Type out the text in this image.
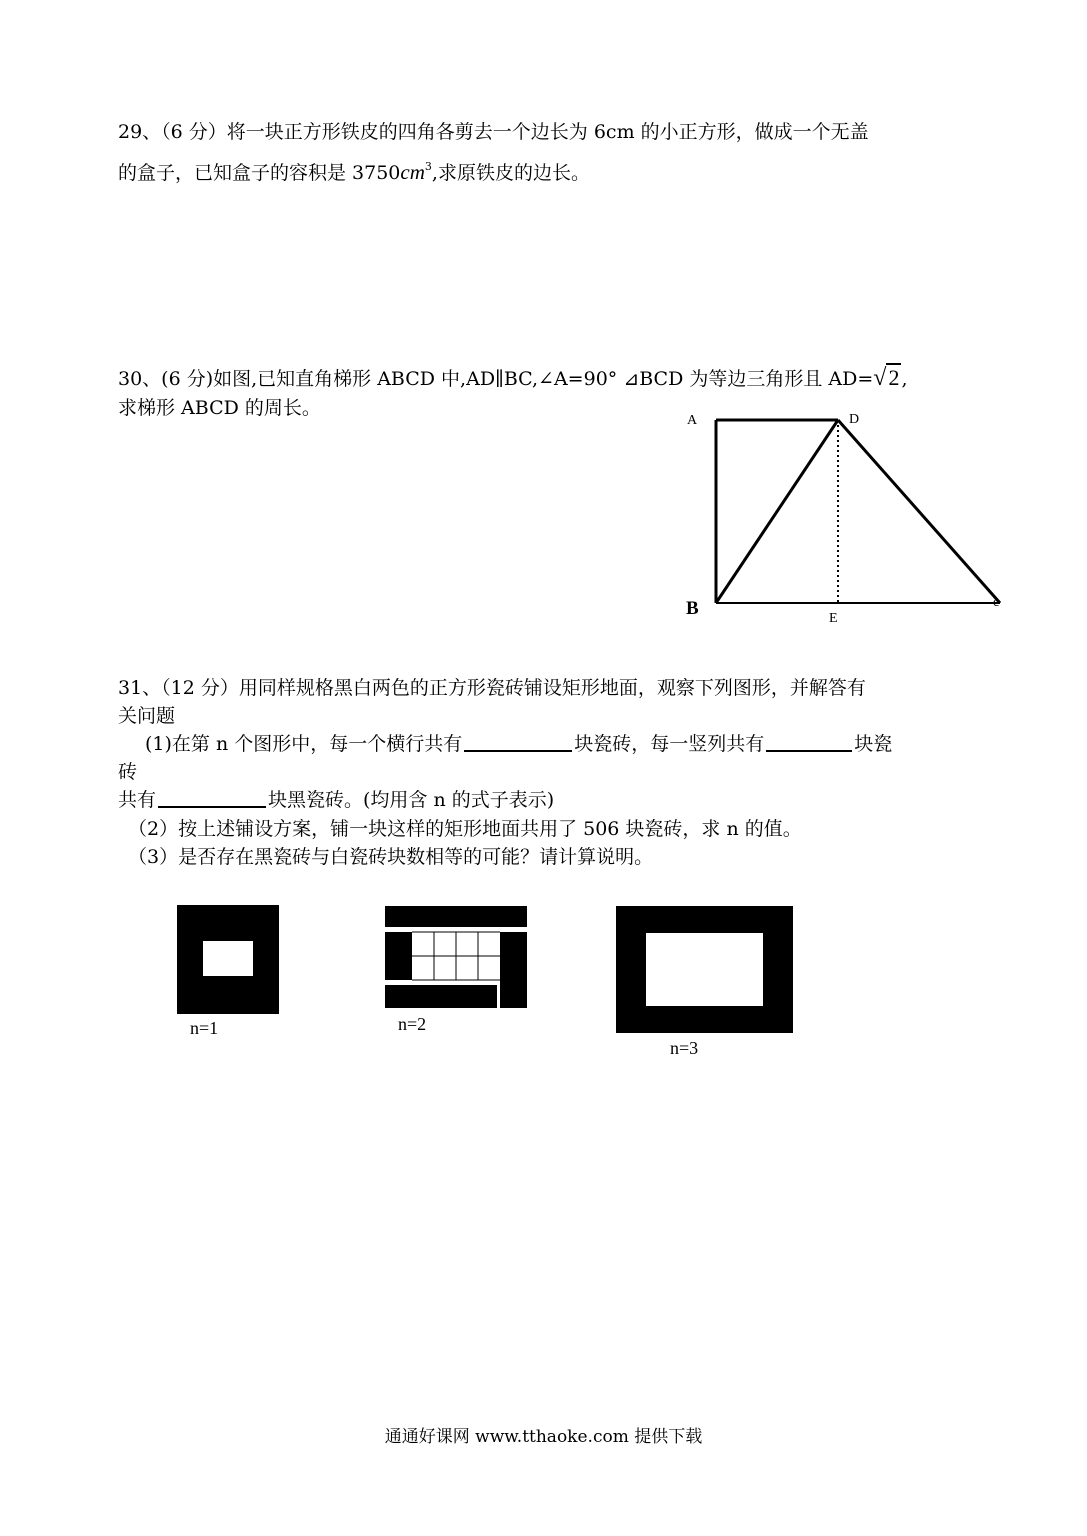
29、（6 分）将一块正方形铁皮的四角各剪去一个边长为 6cm 的小正方形，做成一个无盖
的盒子，已知盒子的容积是 $3750cm^3$,求原铁皮的边长。
30、(6 分)如图,已知直角梯形 ABCD 中,AD∥BC,∠A=90° ⊿BCD 为等边三角形且 AD=√2 ,
求梯形 ABCD 的周长。
A	D
B	E
c
31、（12 分）用同样规格黑白两色的正方形瓷砖铺设矩形地面，观察下列图形，并解答有
关问题
(1)在第 n 个图形中，每一个横行共有	块瓷砖，每一竖列共有	块瓷
砖
共有	块黑瓷砖。(均用含 n 的式子表示)
（2）按上述铺设方案，铺一块这样的矩形地面共用了 506 块瓷砖，求 n 的值。
（3）是否存在黑瓷砖与白瓷砖块数相等的可能？请计算说明。
n=1	n=2
n=3
通通好课网 www.tthaoke.com 提供下载
